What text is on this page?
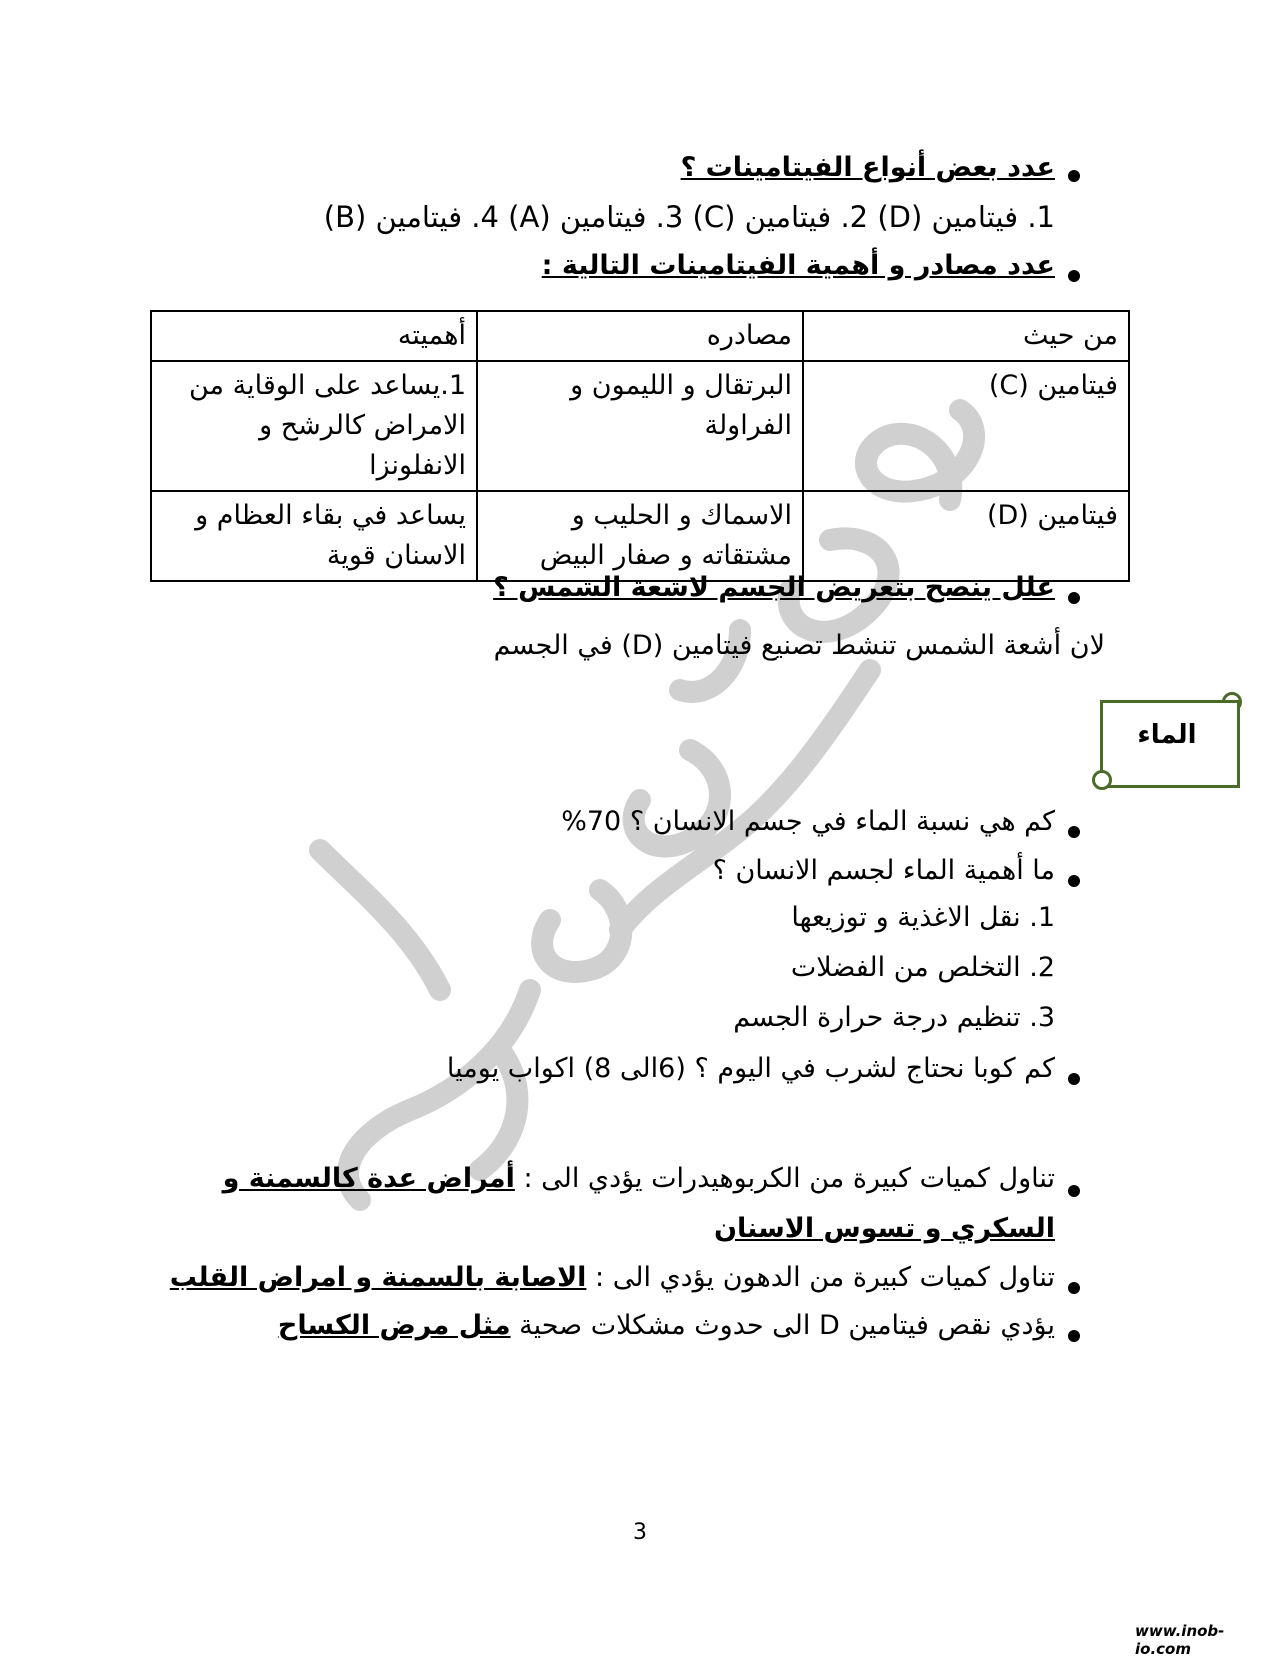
عدد بعض أنواع الفيتامينات ؟
1. فيتامين (D) 2. فيتامين (C) 3. فيتامين (A) 4. فيتامين (B)
عدد مصادر و أهمية الفيتامينات التالية :
من حيث	مصادره	أهميته
فيتامين (C)	البرتقال و الليمون و الفراولة	1.يساعد على الوقاية من الامراض كالرشح و الانفلونزا
فيتامين (D)	الاسماك و الحليب و مشتقاته و صفار البيض	يساعد في بقاء العظام و الاسنان قوية
علل ينصح بتعريض الجسم لاشعة الشمس ؟
لان أشعة الشمس تنشط تصنيع فيتامين (D) في الجسم
الماء
كم هي نسبة الماء في جسم الانسان ؟ 70%
ما أهمية الماء لجسم الانسان ؟
1. نقل الاغذية و توزيعها
2. التخلص من الفضلات
3. تنظيم درجة حرارة الجسم
كم كوبا نحتاج لشرب في اليوم ؟ (6الى 8) اكواب يوميا
تناول كميات كبيرة من الكربوهيدرات يؤدي الى : أمراض عدة كالسمنة و
السكري و تسوس الاسنان
تناول كميات كبيرة من الدهون يؤدي الى : الاصابة بالسمنة و امراض القلب
يؤدي نقص فيتامين D الى حدوث مشكلات صحية مثل مرض الكساح
3
www.inob-io.com
